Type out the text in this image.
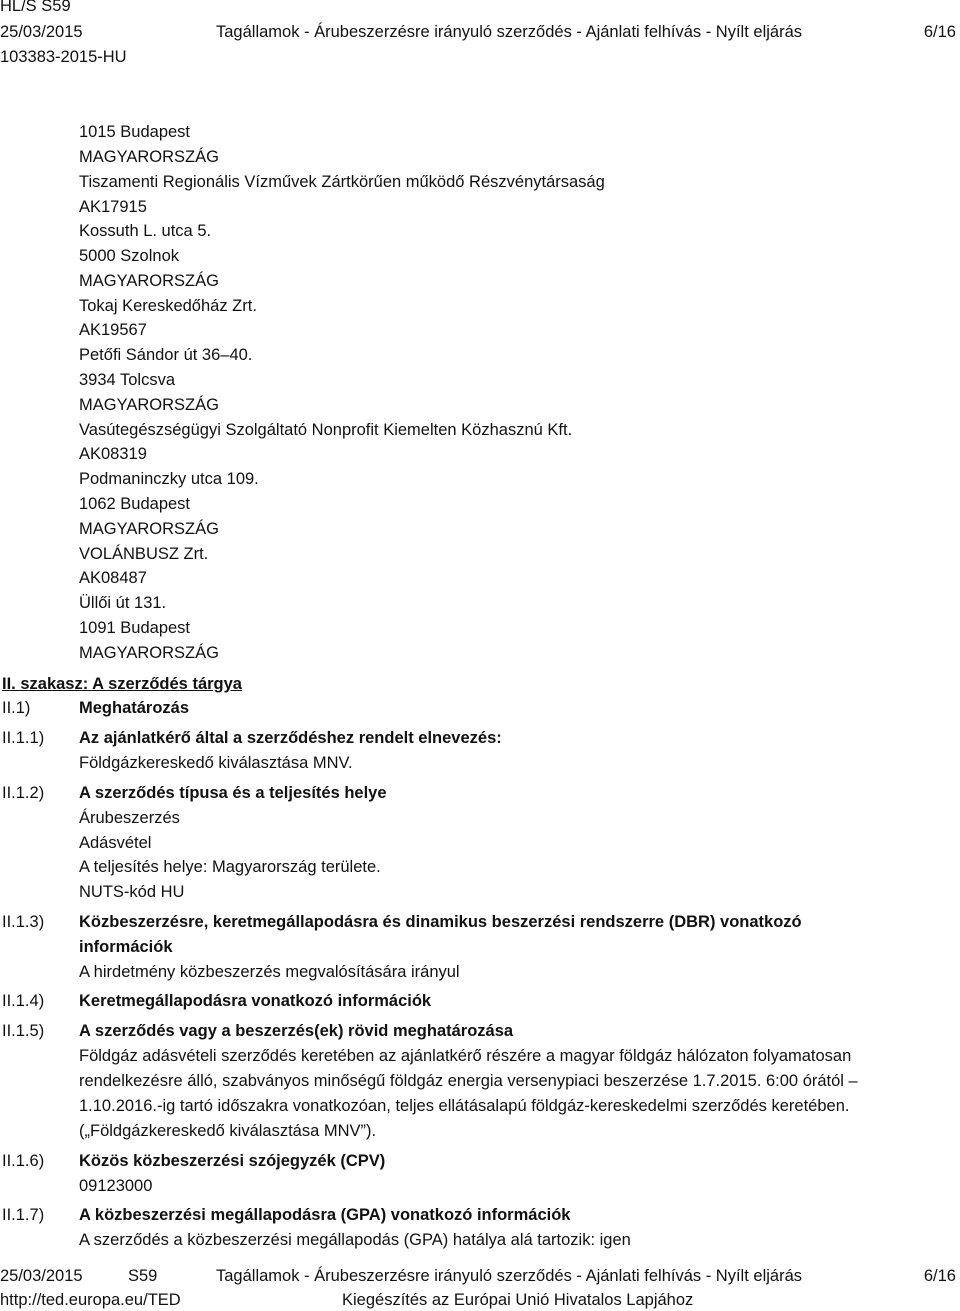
HL/S S59
25/03/2015	Tagállamok - Árubeszerzésre irányuló szerződés - Ajánlati felhívás - Nyílt eljárás	6/16
103383-2015-HU
1015 Budapest
MAGYARORSZÁG
Tiszamenti Regionális Vízművek Zártkörűen működő Részvénytársaság
AK17915
Kossuth L. utca 5.
5000 Szolnok
MAGYARORSZÁG
Tokaj Kereskedőház Zrt.
AK19567
Petőfi Sándor út 36–40.
3934 Tolcsva
MAGYARORSZÁG
Vasútegészségügyi Szolgáltató Nonprofit Kiemelten Közhasznú Kft.
AK08319
Podmaninczky utca 109.
1062 Budapest
MAGYARORSZÁG
VOLÁNBUSZ Zrt.
AK08487
Üllői út 131.
1091 Budapest
MAGYARORSZÁG
II. szakasz: A szerződés tárgya
II.1)	Meghatározás
II.1.1) Az ajánlatkérő által a szerződéshez rendelt elnevezés:
Földgázkereskedő kiválasztása MNV.
II.1.2) A szerződés típusa és a teljesítés helye
Árubeszerzés
Adásvétel
A teljesítés helye: Magyarország területe.
NUTS-kód HU
II.1.3) Közbeszerzésre, keretmegállapodásra és dinamikus beszerzési rendszerre (DBR) vonatkozó
információk
A hirdetmény közbeszerzés megvalósítására irányul
II.1.4) Keretmegállapodásra vonatkozó információk
II.1.5) A szerződés vagy a beszerzés(ek) rövid meghatározása
Földgáz adásvételi szerződés keretében az ajánlatkérő részére a magyar földgáz hálózaton folyamatosan
rendelkezésre álló, szabványos minőségű földgáz energia versenypiaci beszerzése 1.7.2015. 6:00 órától –
1.10.2016.-ig tartó időszakra vonatkozóan, teljes ellátásalapú földgáz-kereskedelmi szerződés keretében.
(„Földgázkereskedő kiválasztása MNV”).
II.1.6) Közös közbeszerzési szójegyzék (CPV)
09123000
II.1.7) A közbeszerzési megállapodásra (GPA) vonatkozó információk
A szerződés a közbeszerzési megállapodás (GPA) hatálya alá tartozik: igen
25/03/2015	S59	Tagállamok - Árubeszerzésre irányuló szerződés - Ajánlati felhívás - Nyílt eljárás	6/16
http://ted.europa.eu/TED	Kiegészítés az Európai Unió Hivatalos Lapjához
